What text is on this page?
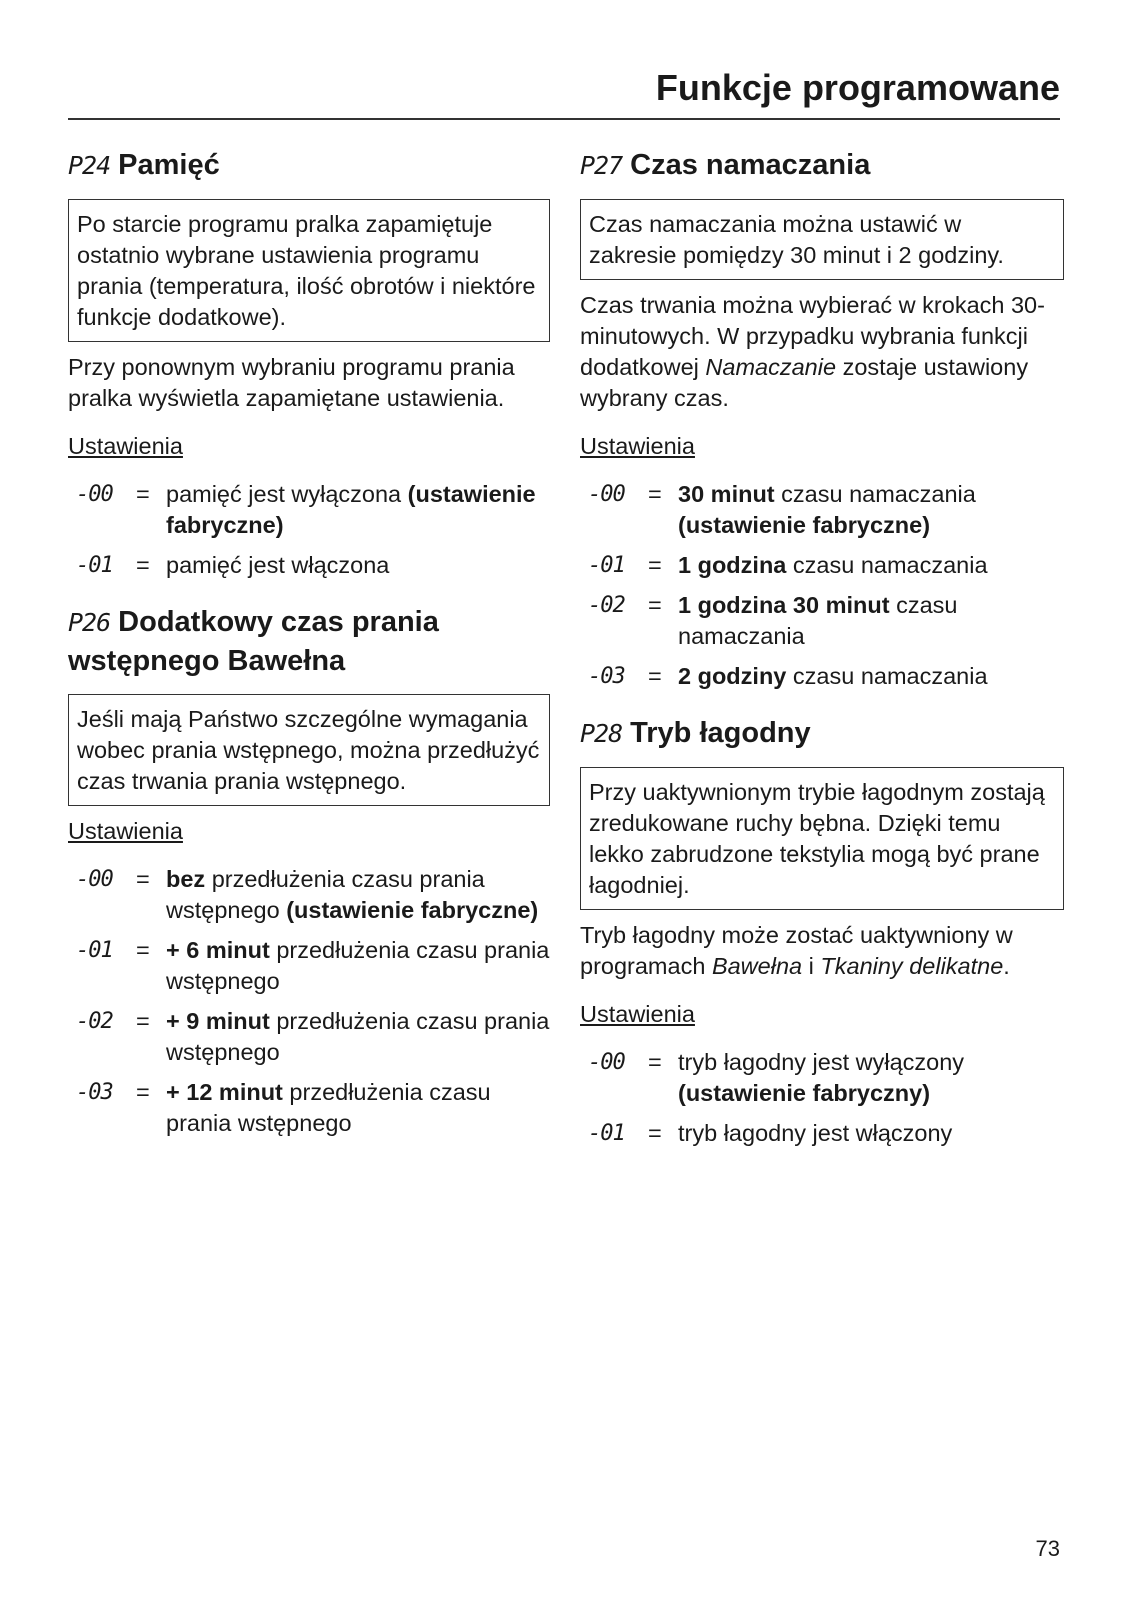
Funkcje programowane
P24 Pamięć
Po starcie programu pralka zapamiętuje ostatnio wybrane ustawienia programu prania (temperatura, ilość obrotów i niektóre funkcje dodatkowe).

Przy ponownym wybraniu programu prania pralka wyświetla zapamiętane ustawienia.

Ustawienia

-00 = pamięć jest wyłączona (ustawienie fabryczne)
-01 = pamięć jest włączona
P26 Dodatkowy czas prania wstępnego Bawełna
Jeśli mają Państwo szczególne wymagania wobec prania wstępnego, można przedłużyć czas trwania prania wstępnego.

Ustawienia

-00 = bez przedłużenia czasu prania wstępnego (ustawienie fabryczne)
-01 = + 6 minut przedłużenia czasu prania wstępnego
-02 = + 9 minut przedłużenia czasu prania wstępnego
-03 = + 12 minut przedłużenia czasu prania wstępnego
P27 Czas namaczania
Czas namaczania można ustawić w zakresie pomiędzy 30 minut i 2 godziny.

Czas trwania można wybierać w krokach 30-minutowych. W przypadku wybrania funkcji dodatkowej Namaczanie zostaje ustawiony wybrany czas.

Ustawienia

-00 = 30 minut czasu namaczania (ustawienie fabryczne)
-01 = 1 godzina czasu namaczania
-02 = 1 godzina 30 minut czasu namaczania
-03 = 2 godziny czasu namaczania
P28 Tryb łagodny
Przy uaktywnionym trybie łagodnym zostają zredukowane ruchy bębna. Dzięki temu lekko zabrudzone tekstylia mogą być prane łagodniej.

Tryb łagodny może zostać uaktywniony w programach Bawełna i Tkaniny delikatne.

Ustawienia

-00 = tryb łagodny jest wyłączony (ustawienie fabryczny)
-01 = tryb łagodny jest włączony
73
